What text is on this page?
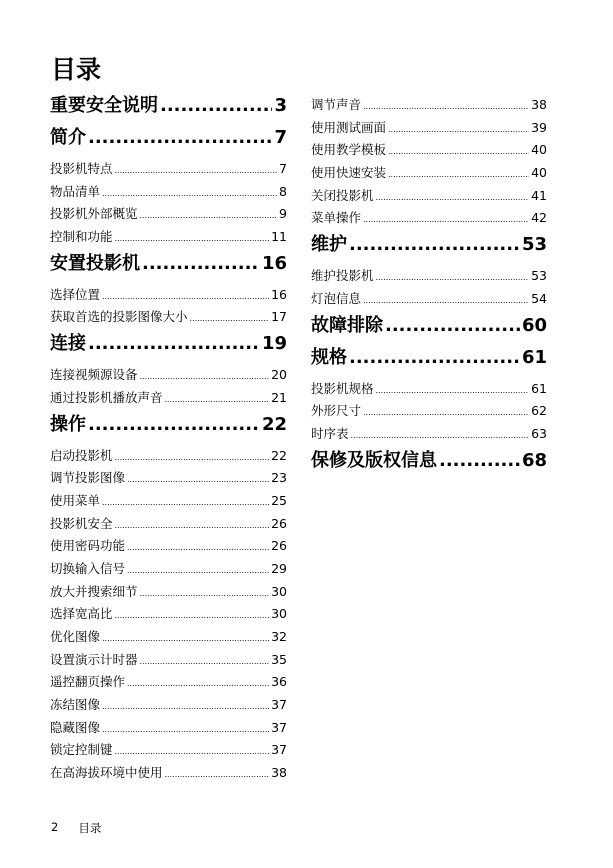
目录
重要安全说明 .....	3
简介 .....	7
投影机特点 .....	7
物品清单 .....	8
投影机外部概览 .....	9
控制和功能 .....	11
安置投影机 .....	16
选择位置 .....	16
获取首选的投影图像大小 .....	17
连接 .....	19
连接视频源设备 .....	20
通过投影机播放声音 .....	21
操作 .....	22
启动投影机 .....	22
调节投影图像 .....	23
使用菜单 .....	25
投影机安全 .....	26
使用密码功能 .....	26
切换输入信号 .....	29
放大并搜索细节 .....	30
选择宽高比 .....	30
优化图像 .....	32
设置演示计时器 .....	35
遥控翻页操作 .....	36
冻结图像 .....	37
隐藏图像 .....	37
锁定控制键 .....	37
在高海拔环境中使用 .....	38
调节声音 .....	38
使用测试画面 .....	39
使用教学模板 .....	40
使用快速安装 .....	40
关闭投影机 .....	41
菜单操作 .....	42
维护 .....	53
维护投影机 .....	53
灯泡信息 .....	54
故障排除 .....	60
规格 .....	61
投影机规格 .....	61
外形尺寸 .....	62
时序表 .....	63
保修及版权信息 .....	68
2 目录
